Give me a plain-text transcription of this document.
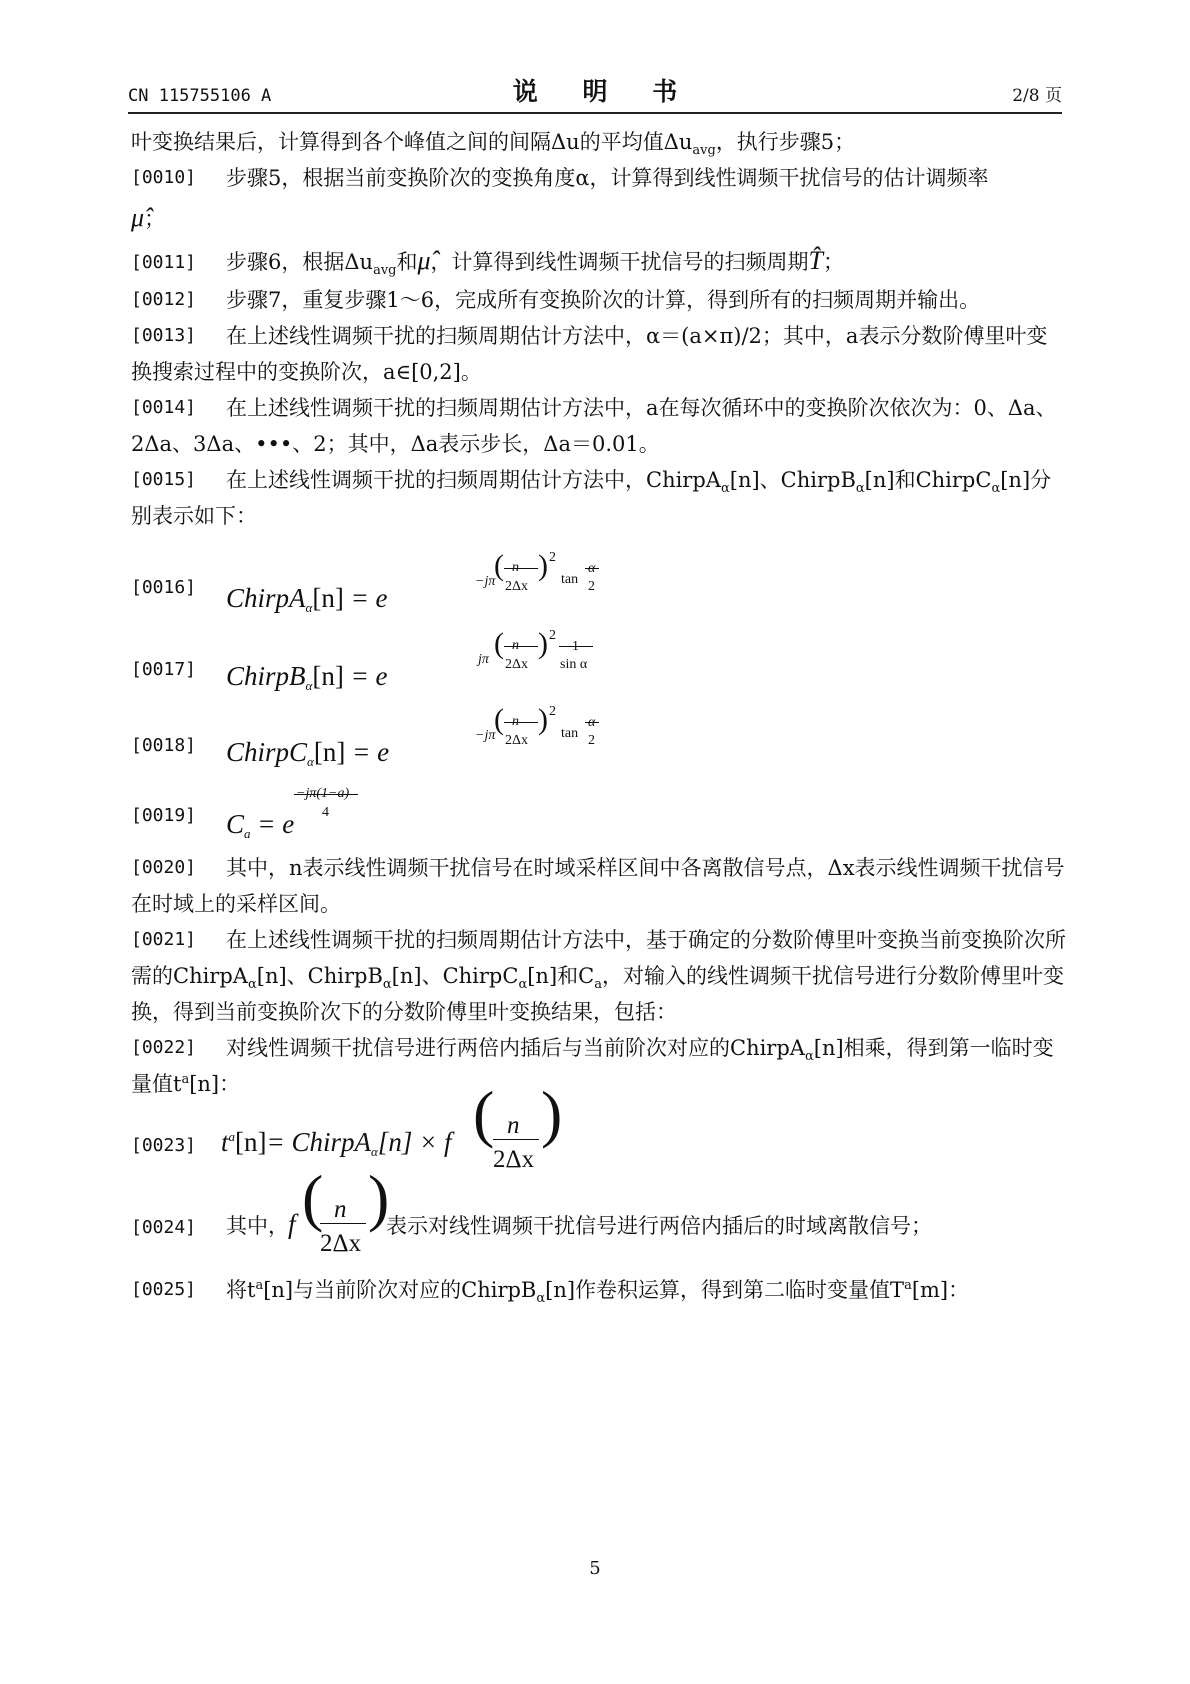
CN 115755106 A	说 明 书	2/8 页
叶变换结果后，计算得到各个峰值之间的间隔Δu的平均值$\Delta u_{avg}$，执行步骤5；
[0010] 步骤5，根据当前变换阶次的变换角度α，计算得到线性调频干扰信号的估计调频率
μ̂；
[0011] 步骤6，根据$\Delta u_{avg}$和μ̂，计算得到线性调频干扰信号的扫频周期T̂；
[0012] 步骤7，重复步骤1～6，完成所有变换阶次的计算，得到所有的扫频周期并输出。
[0013]	在上述线性调频干扰的扫频周期估计方法中，α＝(a×π)/2；其中，a表示分数阶傅里叶变换搜索过程中的变换阶次，a∈[0,2]。
[0014]	在上述线性调频干扰的扫频周期估计方法中，a在每次循环中的变换阶次依次为：0、Δa、2Δa、3Δa、•••、2；其中，Δa表示步长，Δa＝0.01。
[0015]	在上述线性调频干扰的扫频周期估计方法中，ChirpA$_\alpha$[n]、ChirpB$_\alpha$[n]和ChirpC$_\alpha$[n]分别表示如下：
[0016] ChirpA$_\alpha$[n] = e
−jπ
( n
2Δx
) 2
tan
α
2
[0017] ChirpB$_\alpha$[n] = e
jπ ( n
2Δx
) 2
1
sin α
[0018] ChirpC$_\alpha$[n] = e
−jπ
( n
2Δx
) 2
tan
α
2
[0019] $C_a = e$
−jπ(1−a)
4
[0020]	其中，n表示线性调频干扰信号在时域采样区间中各离散信号点，Δx表示线性调频干扰信号在时域上的采样区间。
[0021]	在上述线性调频干扰的扫频周期估计方法中，基于确定的分数阶傅里叶变换当前变换阶次所需的ChirpA$_\alpha$[n]、ChirpB$_\alpha$[n]、ChirpC$_\alpha$[n]和$C_a$，对输入的线性调频干扰信号进行分数阶傅里叶变换，得到当前变换阶次下的分数阶傅里叶变换结果，包括：
[0022]	对线性调频干扰信号进行两倍内插后与当前阶次对应的ChirpA$_\alpha$[n]相乘，得到第一临时变量值$t^a[n]$：
[0023] $t^a[n]=$ ChirpA$_\alpha$[n] × f ( n
2Δx
)
[0024] 其中， f ( n
2Δx
)
表示对线性调频干扰信号进行两倍内插后的时域离散信号；
[0025] 将$t^a[n]$与当前阶次对应的ChirpB$_\alpha$[n]作卷积运算，得到第二临时变量值$T^a[m]$：
5
